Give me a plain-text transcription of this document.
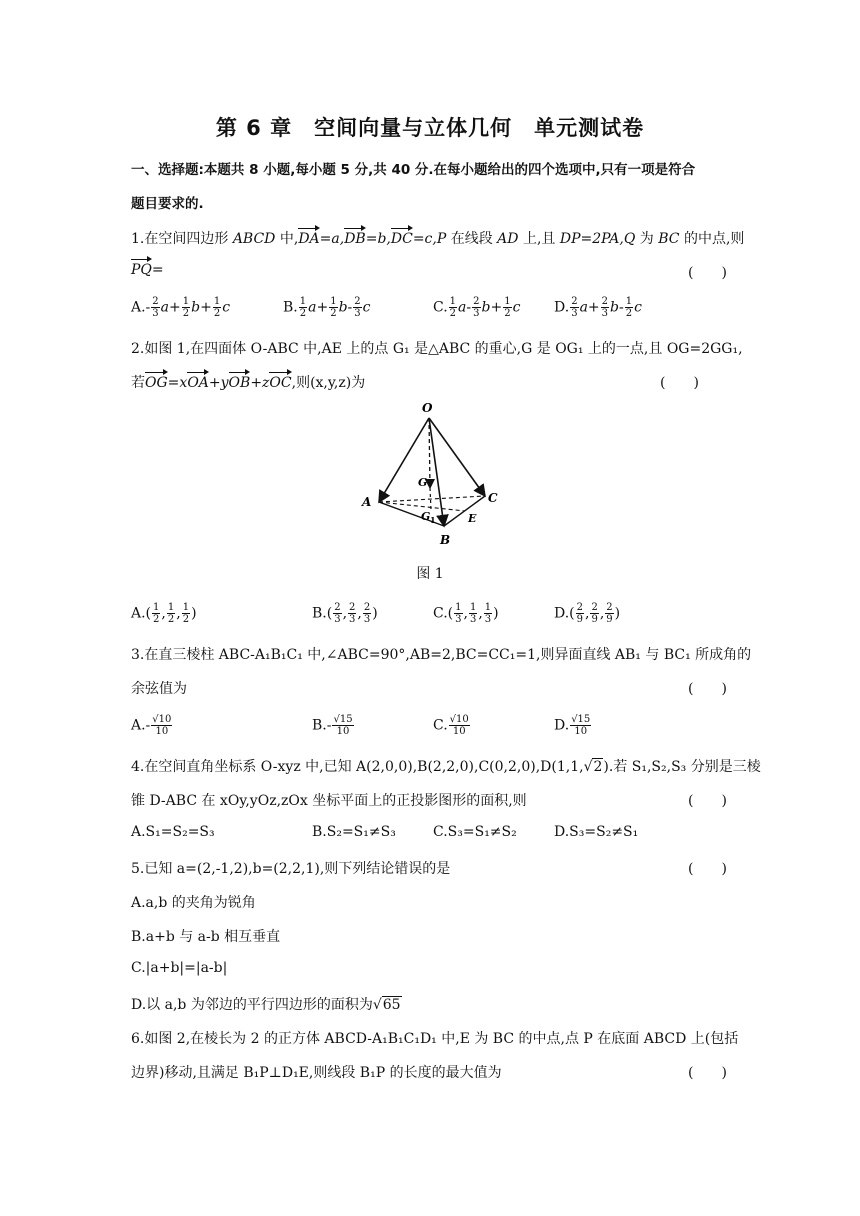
第 6 章　空间向量与立体几何　单元测试卷
一、选择题:本题共 8 小题,每小题 5 分,共 40 分.在每小题给出的四个选项中,只有一项是符合
题目要求的.
1.在空间四边形 ABCD 中,DA=a,DB=b,DC=c,P 在线段 AD 上,且 DP=2PA,Q 为 BC 的中点,则
PQ=	(　　)
$A.- \frac{2}{3} a+ \frac{1}{2} b+ \frac{1}{2}$ c	B. $\frac{1}{2} a+ \frac{1}{2} b- \frac{2}{3}$ c	C. $\frac{1}{2} a- \frac{2}{3} b+ \frac{1}{2}$ c D. $\frac{2}{3} a+ \frac{2}{3} b- \frac{1}{2}$ c
2.如图 1,在四面体 O-ABC 中,AE 上的点 G₁ 是△ABC 的重心,G 是 OG₁ 上的一点,且 OG=2GG₁,
若OG=xOA+yOB+zOC,则(x,y,z)为	(　　)
O
A
B
C
G
G 1	E
图 1
$A.( \frac{1}{2}$ , $\frac{1}{2}$ , $\frac{1}{2}$ )	$B.( \frac{2}{3}$ , $\frac{2}{3}$ , $\frac{2}{3}$ )	$C.( \frac{1}{3}$ , $\frac{1}{3}$ , $\frac{1}{3}$ )	$D.( \frac{2}{9}$ , $\frac{2}{9}$ , $\frac{2}{9}$ )
3.在直三棱柱 ABC-A₁B₁C₁ 中,∠ABC=90°,AB=2,BC=CC₁=1,则异面直线 AB₁ 与 BC₁ 所成角的
余弦值为	(　　)
$A.- \frac{√10}{10}$	$B.- \frac{√15}{10}$	C. $\frac{√10}{10}$	D. $\frac{√15}{10}$
4.在空间直角坐标系 O-xyz 中,已知 A(2,0,0),B(2,2,0),C(0,2,0),D(1,1,√2).若 S₁,S₂,S₃ 分别是三棱
锥 D-ABC 在 xOy,yOz,zOx 坐标平面上的正投影图形的面积,则	(　　)
A.S₁=S₂=S₃	B.S₂=S₁≠S₃	C.S₃=S₁≠S₂	D.S₃=S₂≠S₁
5.已知 a=(2,-1,2),b=(2,2,1),则下列结论错误的是	(　　)
A.a,b 的夹角为锐角
B.a+b 与 a-b 相互垂直
C.|a+b|=|a-b|
D.以 a,b 为邻边的平行四边形的面积为√65
6.如图 2,在棱长为 2 的正方体 ABCD-A₁B₁C₁D₁ 中,E 为 BC 的中点,点 P 在底面 ABCD 上(包括
边界)移动,且满足 B₁P⊥D₁E,则线段 B₁P 的长度的最大值为	(　　)
